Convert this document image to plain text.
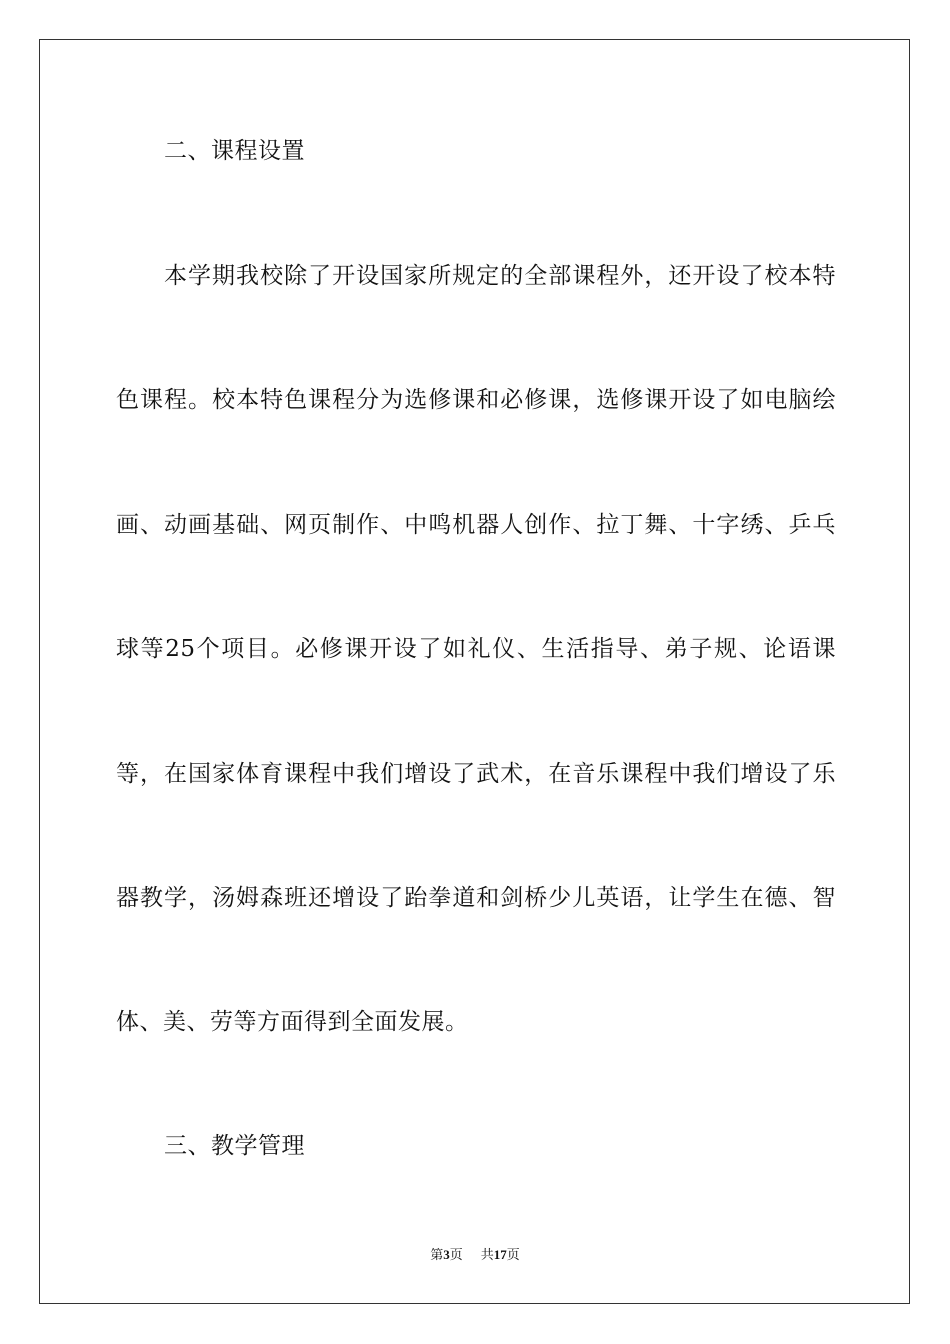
二、课程设置
本学期我校除了开设国家所规定的全部课程外，还开设了校本特
色课程。校本特色课程分为选修课和必修课，选修课开设了如电脑绘
画、动画基础、网页制作、中鸣机器人创作、拉丁舞、十字绣、乒乓
球等25个项目。必修课开设了如礼仪、生活指导、弟子规、论语课
等，在国家体育课程中我们增设了武术，在音乐课程中我们增设了乐
器教学，汤姆森班还增设了跆拳道和剑桥少儿英语，让学生在德、智
体、美、劳等方面得到全面发展。
三、教学管理
第3页 共17页
